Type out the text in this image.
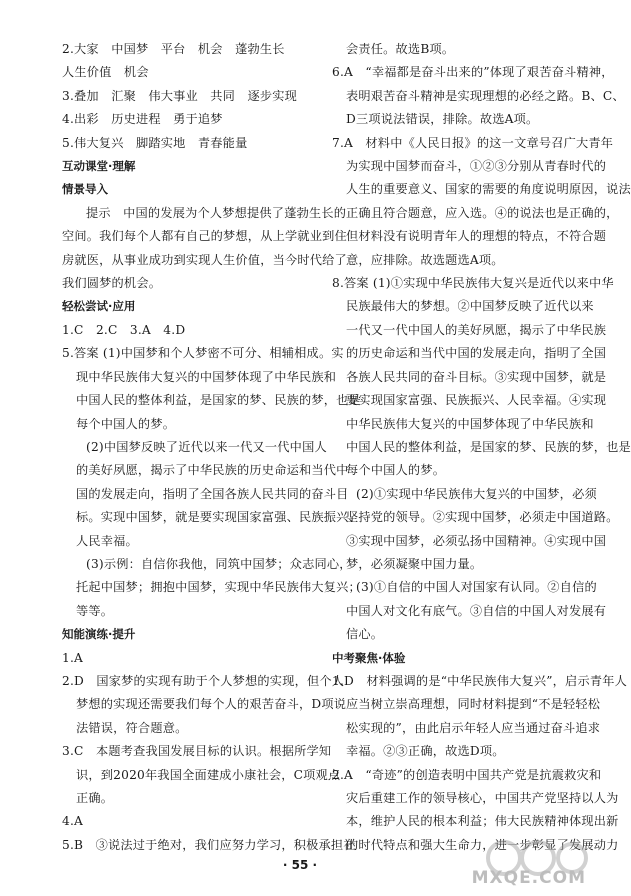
2.大家　中国梦　平台　机会　蓬勃生长
人生价值　机会
3.叠加　汇聚　伟大事业　共同　逐步实现
4.出彩　历史进程　勇于追梦
5.伟大复兴　脚踏实地　青春能量
互动课堂·理解
情景导入
提示　中国的发展为个人梦想提供了蓬勃生长的
空间。我们每个人都有自己的梦想，从上学就业到住
房就医，从事业成功到实现人生价值，当今时代给了
我们圆梦的机会。
轻松尝试·应用
1.C　2.C　3.A　4.D
5.答案 (1)中国梦和个人梦密不可分、相辅相成。实
现中华民族伟大复兴的中国梦体现了中华民族和
中国人民的整体利益，是国家的梦、民族的梦，也是
每个中国人的梦。
(2)中国梦反映了近代以来一代又一代中国人
的美好夙愿，揭示了中华民族的历史命运和当代中
国的发展走向，指明了全国各族人民共同的奋斗目
标。实现中国梦，就是要实现国家富强、民族振兴、
人民幸福。
(3)示例：自信你我他，同筑中国梦；众志同心，
托起中国梦；拥抱中国梦，实现中华民族伟大复兴；
等等。
知能演练·提升
1.A
2.D　国家梦的实现有助于个人梦想的实现，但个人
梦想的实现还需要我们每个人的艰苦奋斗，D项说
法错误，符合题意。
3.C　本题考查我国发展目标的认识。根据所学知
识，到2020年我国全面建成小康社会，C项观点
正确。
4.A
5.B　③说法过于绝对，我们应努力学习，积极承担社
会责任。故选B项。
6.A　“幸福都是奋斗出来的”体现了艰苦奋斗精神，
表明艰苦奋斗精神是实现理想的必经之路。B、C、
D三项说法错误，排除。故选A项。
7.A　材料中《人民日报》的这一文章号召广大青年
为实现中国梦而奋斗，①②③分别从青春时代的
人生的重要意义、国家的需要的角度说明原因，说法
正确且符合题意，应入选。④的说法也是正确的，
但材料没有说明青年人的理想的特点，不符合题
意，应排除。故选题选A项。
8.答案 (1)①实现中华民族伟大复兴是近代以来中华
民族最伟大的梦想。②中国梦反映了近代以来
一代又一代中国人的美好夙愿，揭示了中华民族
的历史命运和当代中国的发展走向，指明了全国
各族人民共同的奋斗目标。③实现中国梦，就是
要实现国家富强、民族振兴、人民幸福。④实现
中华民族伟大复兴的中国梦体现了中华民族和
中国人民的整体利益，是国家的梦、民族的梦，也是
每个中国人的梦。
(2)①实现中华民族伟大复兴的中国梦，必须
坚持党的领导。②实现中国梦，必须走中国道路。
③实现中国梦，必须弘扬中国精神。④实现中国
梦，必须凝聚中国力量。
(3)①自信的中国人对国家有认同。②自信的
中国人对文化有底气。③自信的中国人对发展有
信心。
中考聚焦·体验
1.D　材料强调的是“中华民族伟大复兴”，启示青年人
应当树立崇高理想，同时材料提到“不是轻轻松
松实现的”，由此启示年轻人应当通过奋斗追求
幸福。②③正确，故选D项。
2.A　“奇迹”的创造表明中国共产党是抗震救灾和
灾后重建工作的领导核心，中国共产党坚持以人为
本，维护人民的根本利益；伟大民族精神体现出新
的时代特点和强大生命力，进一步彰显了发展动力
· 55 ·
MXQE.COM
